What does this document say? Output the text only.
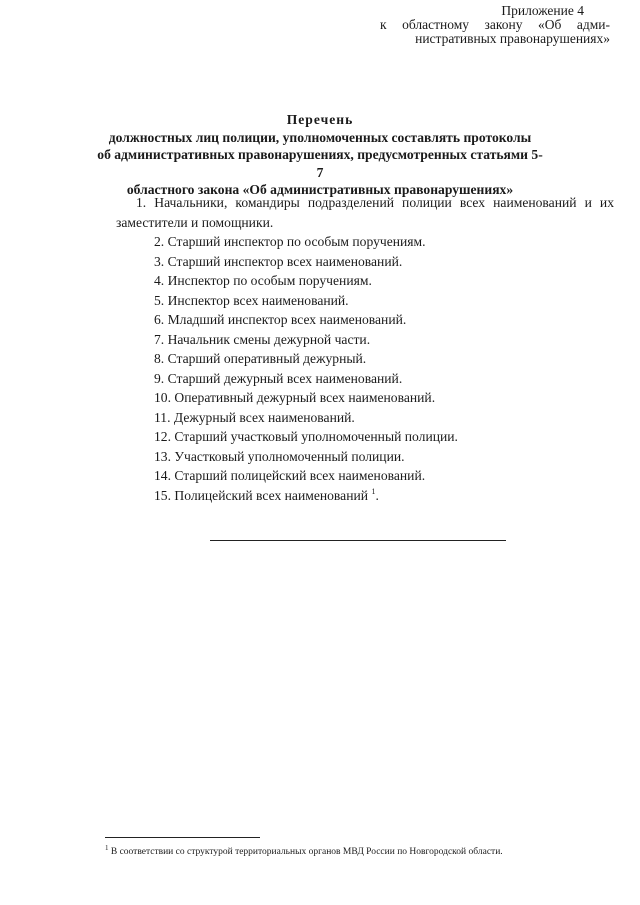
Приложение 4
к областному закону «Об адми-
нистративных правонарушениях»
Перечень
должностных лиц полиции, уполномоченных составлять протоколы
об административных правонарушениях, предусмотренных статьями 5-7
областного закона «Об административных правонарушениях»
1. Начальники, командиры подразделений полиции всех наименований и их заместители и помощники.
2. Старший инспектор по особым поручениям.
3. Старший инспектор всех наименований.
4. Инспектор по особым поручениям.
5. Инспектор всех наименований.
6. Младший инспектор всех наименований.
7. Начальник смены дежурной части.
8. Старший оперативный дежурный.
9. Старший дежурный всех наименований.
10. Оперативный дежурный всех наименований.
11. Дежурный всех наименований.
12. Старший участковый уполномоченный полиции.
13. Участковый уполномоченный полиции.
14. Старший полицейский всех наименований.
15. Полицейский всех наименований $^1$.
$^1$ В соответствии со структурой территориальных органов МВД России по Новгородской области.
